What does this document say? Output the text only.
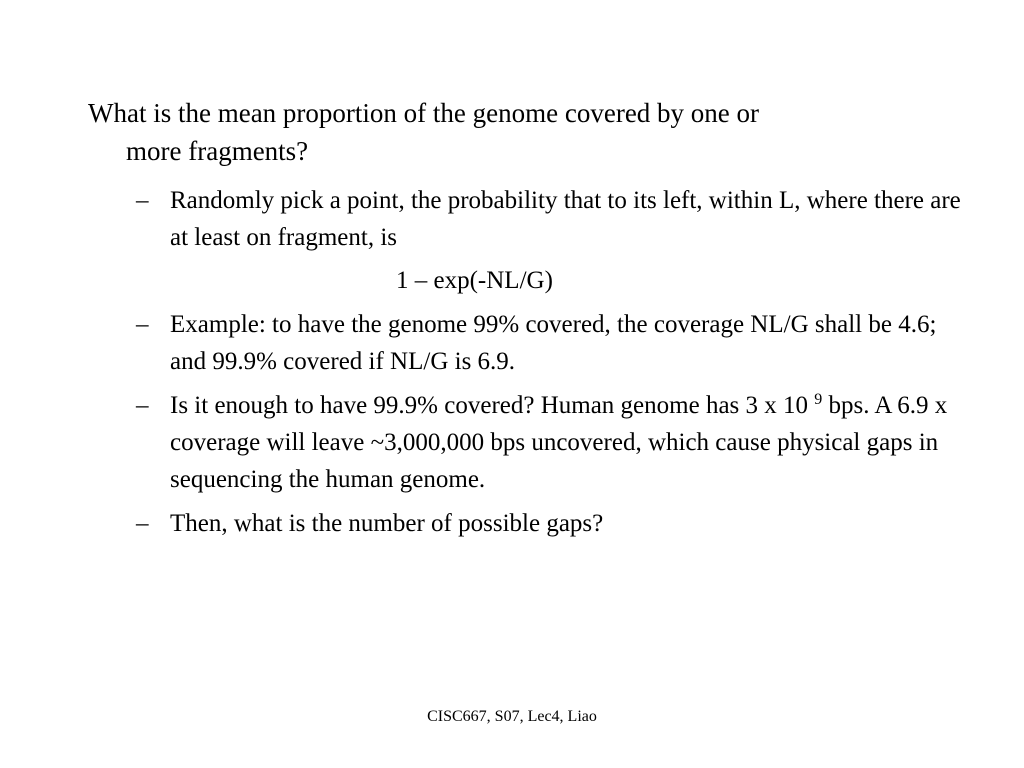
What is the mean proportion of the genome covered by one or
more fragments?
– Randomly pick a point, the probability that to its left, within L, where there are at least on fragment, is
1 – exp(-NL/G)
– Example: to have the genome 99% covered, the coverage NL/G shall be 4.6; and 99.9% covered if NL/G is 6.9.
– Is it enough to have 99.9% covered? Human genome has 3 x 10 $^9$ bps. A 6.9 x coverage will leave ~3,000,000 bps uncovered, which cause physical gaps in sequencing the human genome.
– Then, what is the number of possible gaps?
CISC667, S07, Lec4, Liao
